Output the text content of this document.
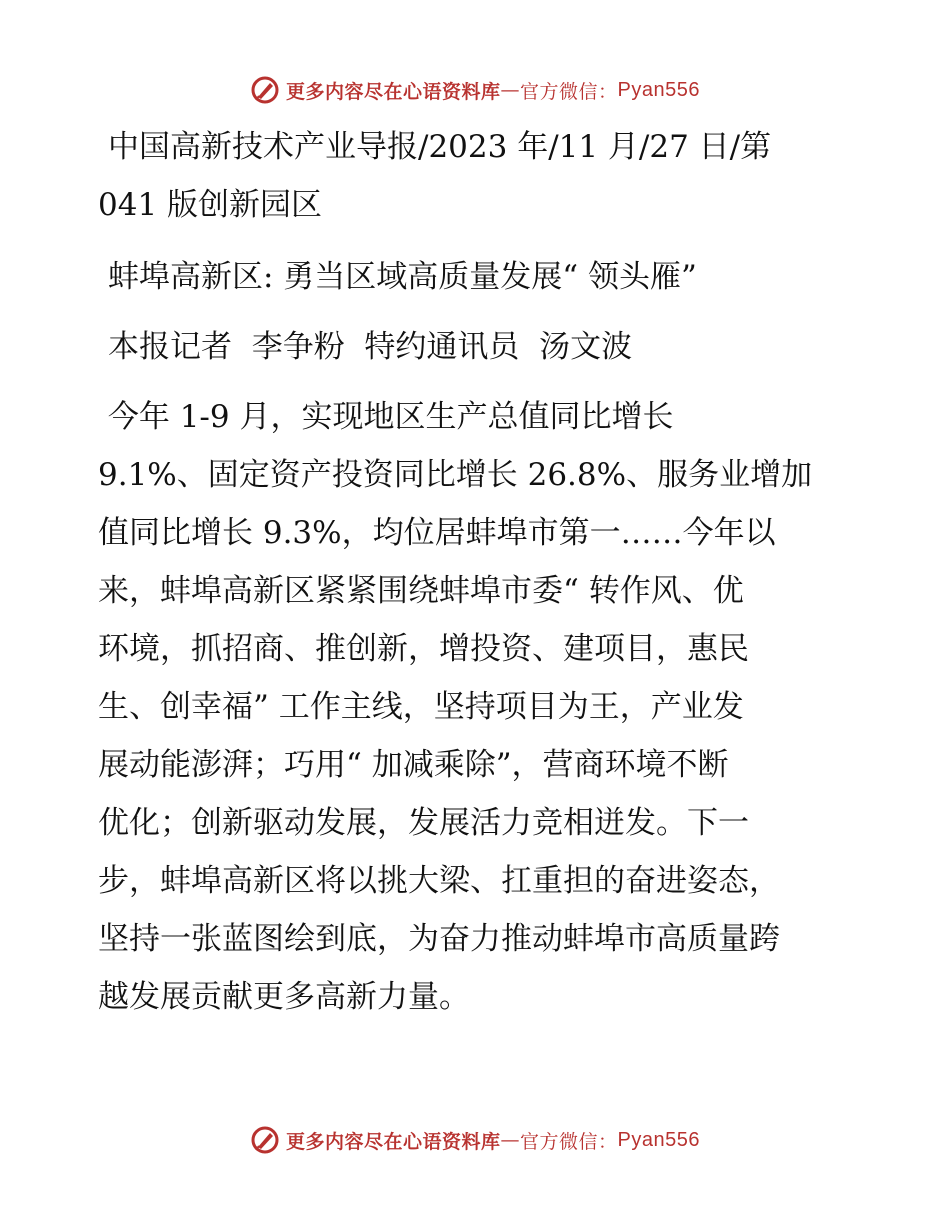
更多内容尽在心语资料库 — 官方微信： Pyan556
中国高新技术产业导报/2023 年/11 月/27 日/第
041 版创新园区
蚌埠高新区: 勇当区域高质量发展“ 领头雁”
本报记者  李争粉  特约通讯员  汤文波
今年 1-9 月，实现地区生产总值同比增长
9.1%、固定资产投资同比增长 26.8%、服务业增加
值同比增长 9.3%，均位居蚌埠市第一……今年以
来，蚌埠高新区紧紧围绕蚌埠市委“ 转作风、优
环境，抓招商、推创新，增投资、建项目，惠民
生、创幸福” 工作主线，坚持项目为王，产业发
展动能澎湃；巧用“ 加减乘除”，营商环境不断
优化；创新驱动发展，发展活力竞相迸发。下一
步，蚌埠高新区将以挑大梁、扛重担的奋进姿态，
坚持一张蓝图绘到底，为奋力推动蚌埠市高质量跨
越发展贡献更多高新力量。
更多内容尽在心语资料库 — 官方微信： Pyan556
